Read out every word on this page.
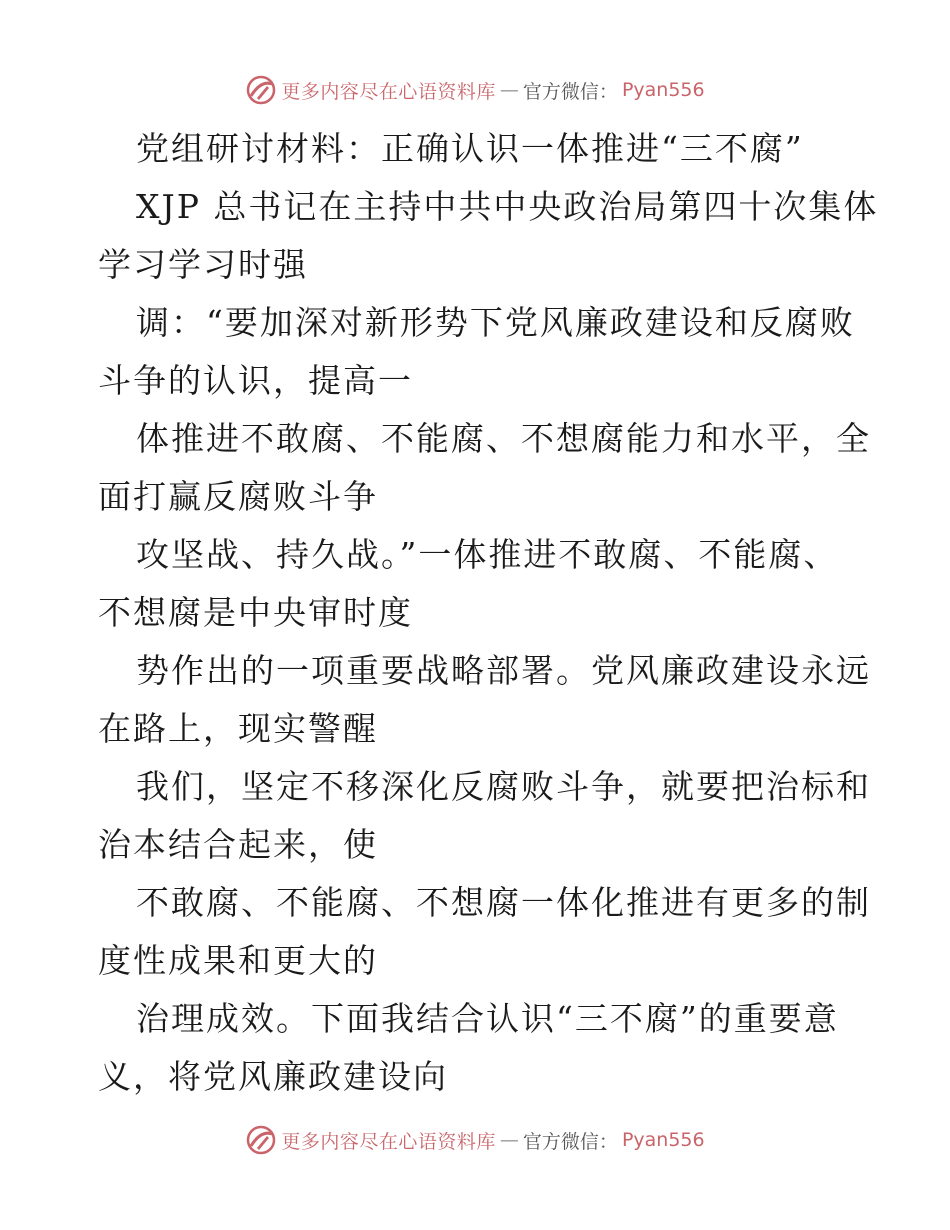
更多内容尽在心语资料库 — 官方微信： Pyan556
党组研讨材料：正确认识一体推进“三不腐”
XJP 总书记在主持中共中央政治局第四十次集体
学习学习时强
调：“要加深对新形势下党风廉政建设和反腐败
斗争的认识，提高一
体推进不敢腐、不能腐、不想腐能力和水平，全
面打赢反腐败斗争
攻坚战、持久战。”一体推进不敢腐、不能腐、
不想腐是中央审时度
势作出的一项重要战略部署。党风廉政建设永远
在路上，现实警醒
我们，坚定不移深化反腐败斗争，就要把治标和
治本结合起来，使
不敢腐、不能腐、不想腐一体化推进有更多的制
度性成果和更大的
治理成效。下面我结合认识“三不腐”的重要意
义，将党风廉政建设向
更多内容尽在心语资料库 — 官方微信： Pyan556
